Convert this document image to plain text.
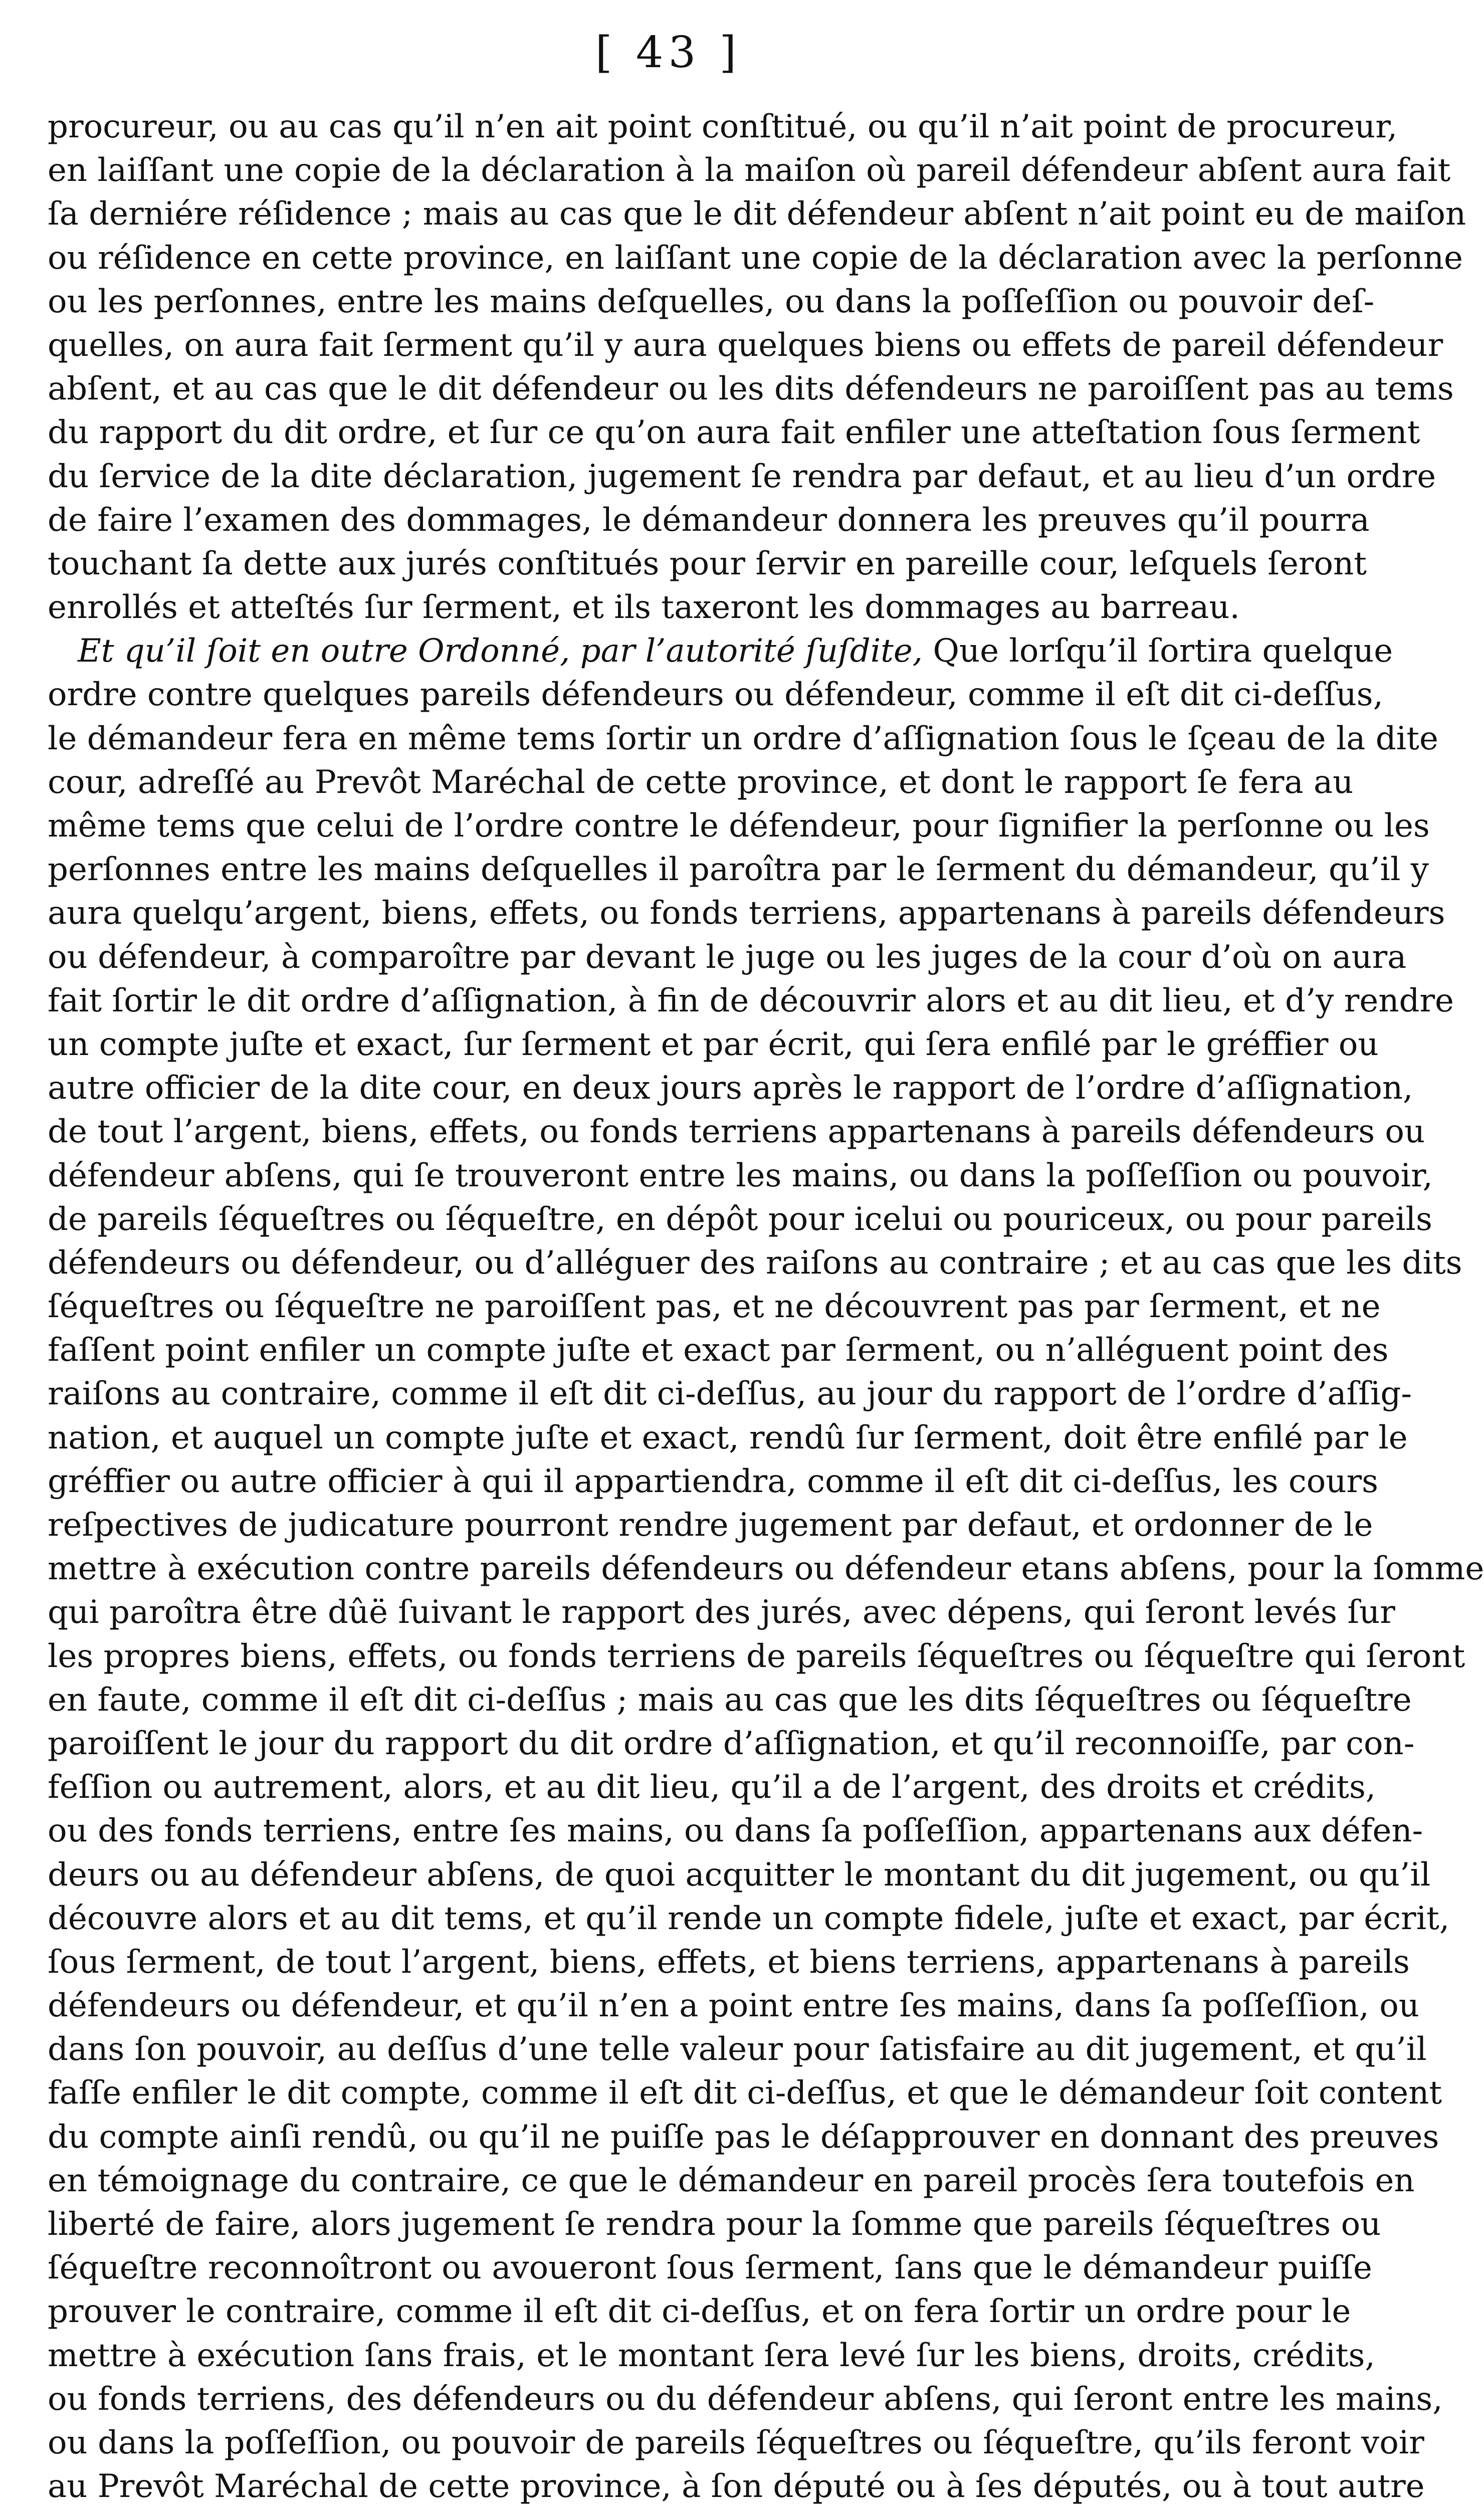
[ 43 ]
procureur, ou au cas qu’il n’en ait point conſtitué, ou qu’il n’ait point de procureur,
en laiſſant une copie de la déclaration à la maiſon où pareil défendeur abſent aura fait
ſa derniére réſidence ; mais au cas que le dit défendeur abſent n’ait point eu de maiſon
ou réſidence en cette province, en laiſſant une copie de la déclaration avec la perſonne
ou les perſonnes, entre les mains deſquelles, ou dans la poſſeſſion ou pouvoir deſ-
quelles, on aura fait ſerment qu’il y aura quelques biens ou effets de pareil défendeur
abſent, et au cas que le dit défendeur ou les dits défendeurs ne paroiſſent pas au tems
du rapport du dit ordre, et ſur ce qu’on aura fait enfiler une atteſtation ſous ſerment
du ſervice de la dite déclaration, jugement ſe rendra par defaut, et au lieu d’un ordre
de faire l’examen des dommages, le démandeur donnera les preuves qu’il pourra
touchant ſa dette aux jurés conſtitués pour ſervir en pareille cour, leſquels ſeront
enrollés et atteſtés ſur ſerment, et ils taxeront les dommages au barreau.
Et qu’il ſoit en outre Ordonné, par l’autorité ſuſdite, Que lorſqu’il ſortira quelque
ordre contre quelques pareils défendeurs ou défendeur, comme il eſt dit ci-deſſus,
le démandeur fera en même tems ſortir un ordre d’aſſignation ſous le ſçeau de la dite
cour, adreſſé au Prevôt Maréchal de cette province, et dont le rapport ſe fera au
même tems que celui de l’ordre contre le défendeur, pour ſignifier la perſonne ou les
perſonnes entre les mains deſquelles il paroîtra par le ſerment du démandeur, qu’il y
aura quelqu’argent, biens, effets, ou fonds terriens, appartenans à pareils défendeurs
ou défendeur, à comparoître par devant le juge ou les juges de la cour d’où on aura
fait ſortir le dit ordre d’aſſignation, à fin de découvrir alors et au dit lieu, et d’y rendre
un compte juſte et exact, ſur ſerment et par écrit, qui ſera enfilé par le gréffier ou
autre officier de la dite cour, en deux jours après le rapport de l’ordre d’aſſignation,
de tout l’argent, biens, effets, ou fonds terriens appartenans à pareils défendeurs ou
défendeur abſens, qui ſe trouveront entre les mains, ou dans la poſſeſſion ou pouvoir,
de pareils ſéqueſtres ou ſéqueſtre, en dépôt pour icelui ou pouriceux, ou pour pareils
défendeurs ou défendeur, ou d’alléguer des raiſons au contraire ; et au cas que les dits
ſéqueſtres ou ſéqueſtre ne paroiſſent pas, et ne découvrent pas par ſerment, et ne
faſſent point enfiler un compte juſte et exact par ſerment, ou n’alléguent point des
raiſons au contraire, comme il eſt dit ci-deſſus, au jour du rapport de l’ordre d’aſſig-
nation, et auquel un compte juſte et exact, rendû ſur ſerment, doit être enfilé par le
gréffier ou autre officier à qui il appartiendra, comme il eſt dit ci-deſſus, les cours
reſpectives de judicature pourront rendre jugement par defaut, et ordonner de le
mettre à exécution contre pareils défendeurs ou défendeur etans abſens, pour la ſomme
qui paroîtra être dûë ſuivant le rapport des jurés, avec dépens, qui ſeront levés ſur
les propres biens, effets, ou fonds terriens de pareils ſéqueſtres ou ſéqueſtre qui ſeront
en faute, comme il eſt dit ci-deſſus ; mais au cas que les dits ſéqueſtres ou ſéqueſtre
paroiſſent le jour du rapport du dit ordre d’aſſignation, et qu’il reconnoiſſe, par con-
feſſion ou autrement, alors, et au dit lieu, qu’il a de l’argent, des droits et crédits,
ou des fonds terriens, entre ſes mains, ou dans ſa poſſeſſion, appartenans aux défen-
deurs ou au défendeur abſens, de quoi acquitter le montant du dit jugement, ou qu’il
découvre alors et au dit tems, et qu’il rende un compte fidele, juſte et exact, par écrit,
ſous ſerment, de tout l’argent, biens, effets, et biens terriens, appartenans à pareils
défendeurs ou défendeur, et qu’il n’en a point entre ſes mains, dans ſa poſſeſſion, ou
dans ſon pouvoir, au deſſus d’une telle valeur pour ſatisfaire au dit jugement, et qu’il
faſſe enfiler le dit compte, comme il eſt dit ci-deſſus, et que le démandeur ſoit content
du compte ainſi rendû, ou qu’il ne puiſſe pas le déſapprouver en donnant des preuves
en témoignage du contraire, ce que le démandeur en pareil procès ſera toutefois en
liberté de faire, alors jugement ſe rendra pour la ſomme que pareils ſéqueſtres ou
ſéqueſtre reconnoîtront ou avoueront ſous ſerment, ſans que le démandeur puiſſe
prouver le contraire, comme il eſt dit ci-deſſus, et on fera ſortir un ordre pour le
mettre à exécution ſans frais, et le montant ſera levé ſur les biens, droits, crédits,
ou fonds terriens, des défendeurs ou du défendeur abſens, qui ſeront entre les mains,
ou dans la poſſeſſion, ou pouvoir de pareils ſéqueſtres ou ſéqueſtre, qu’ils feront voir
au Prevôt Maréchal de cette province, à ſon député ou à ſes députés, ou à tout autre
